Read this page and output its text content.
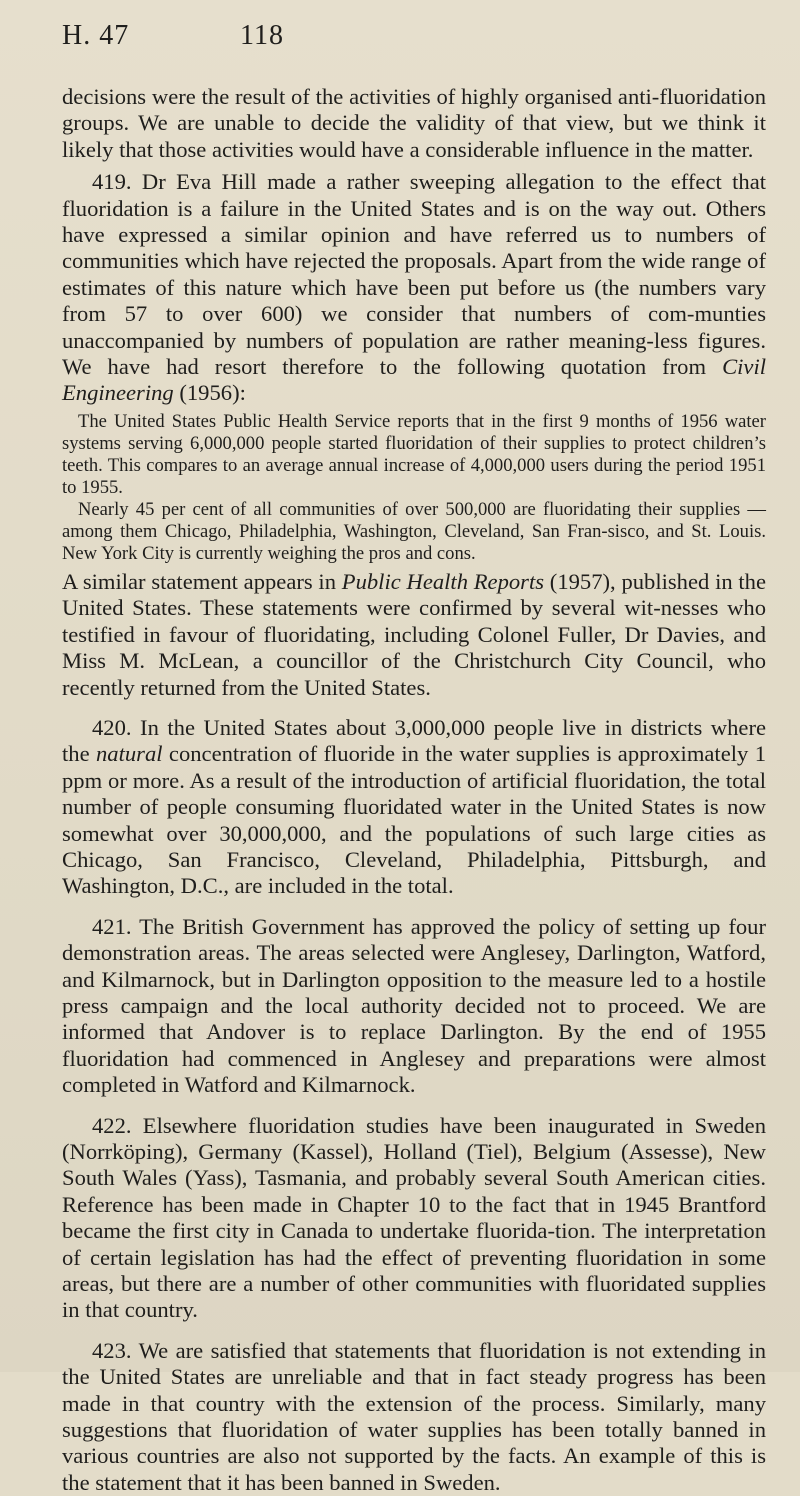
H. 47	118

decisions were the result of the activities of highly organised anti-fluoridation groups. We are unable to decide the validity of that view, but we think it likely that those activities would have a considerable influence in the matter.

419. Dr Eva Hill made a rather sweeping allegation to the effect that fluoridation is a failure in the United States and is on the way out. Others have expressed a similar opinion and have referred us to numbers of communities which have rejected the proposals. Apart from the wide range of estimates of this nature which have been put before us (the numbers vary from 57 to over 600) we consider that numbers of com-munties unaccompanied by numbers of population are rather meaning-less figures. We have had resort therefore to the following quotation from Civil Engineering (1956):

The United States Public Health Service reports that in the first 9 months of 1956 water systems serving 6,000,000 people started fluoridation of their supplies to protect children’s teeth. This compares to an average annual increase of 4,000,000 users during the period 1951 to 1955.

Nearly 45 per cent of all communities of over 500,000 are fluoridating their supplies — among them Chicago, Philadelphia, Washington, Cleveland, San Fran-sisco, and St. Louis. New York City is currently weighing the pros and cons.

A similar statement appears in Public Health Reports (1957), published in the United States. These statements were confirmed by several wit-nesses who testified in favour of fluoridating, including Colonel Fuller, Dr Davies, and Miss M. McLean, a councillor of the Christchurch City Council, who recently returned from the United States.

420. In the United States about 3,000,000 people live in districts where the natural concentration of fluoride in the water supplies is approximately 1 ppm or more. As a result of the introduction of artificial fluoridation, the total number of people consuming fluoridated water in the United States is now somewhat over 30,000,000, and the populations of such large cities as Chicago, San Francisco, Cleveland, Philadelphia, Pittsburgh, and Washington, D.C., are included in the total.

421. The British Government has approved the policy of setting up four demonstration areas. The areas selected were Anglesey, Darlington, Watford, and Kilmarnock, but in Darlington opposition to the measure led to a hostile press campaign and the local authority decided not to proceed. We are informed that Andover is to replace Darlington. By the end of 1955 fluoridation had commenced in Anglesey and preparations were almost completed in Watford and Kilmarnock.

422. Elsewhere fluoridation studies have been inaugurated in Sweden (Norrköping), Germany (Kassel), Holland (Tiel), Belgium (Assesse), New South Wales (Yass), Tasmania, and probably several South American cities. Reference has been made in Chapter 10 to the fact that in 1945 Brantford became the first city in Canada to undertake fluorida-tion. The interpretation of certain legislation has had the effect of preventing fluoridation in some areas, but there are a number of other communities with fluoridated supplies in that country.

423. We are satisfied that statements that fluoridation is not extending in the United States are unreliable and that in fact steady progress has been made in that country with the extension of the process. Similarly, many suggestions that fluoridation of water supplies has been totally banned in various countries are also not supported by the facts. An example of this is the statement that it has been banned in Sweden.
